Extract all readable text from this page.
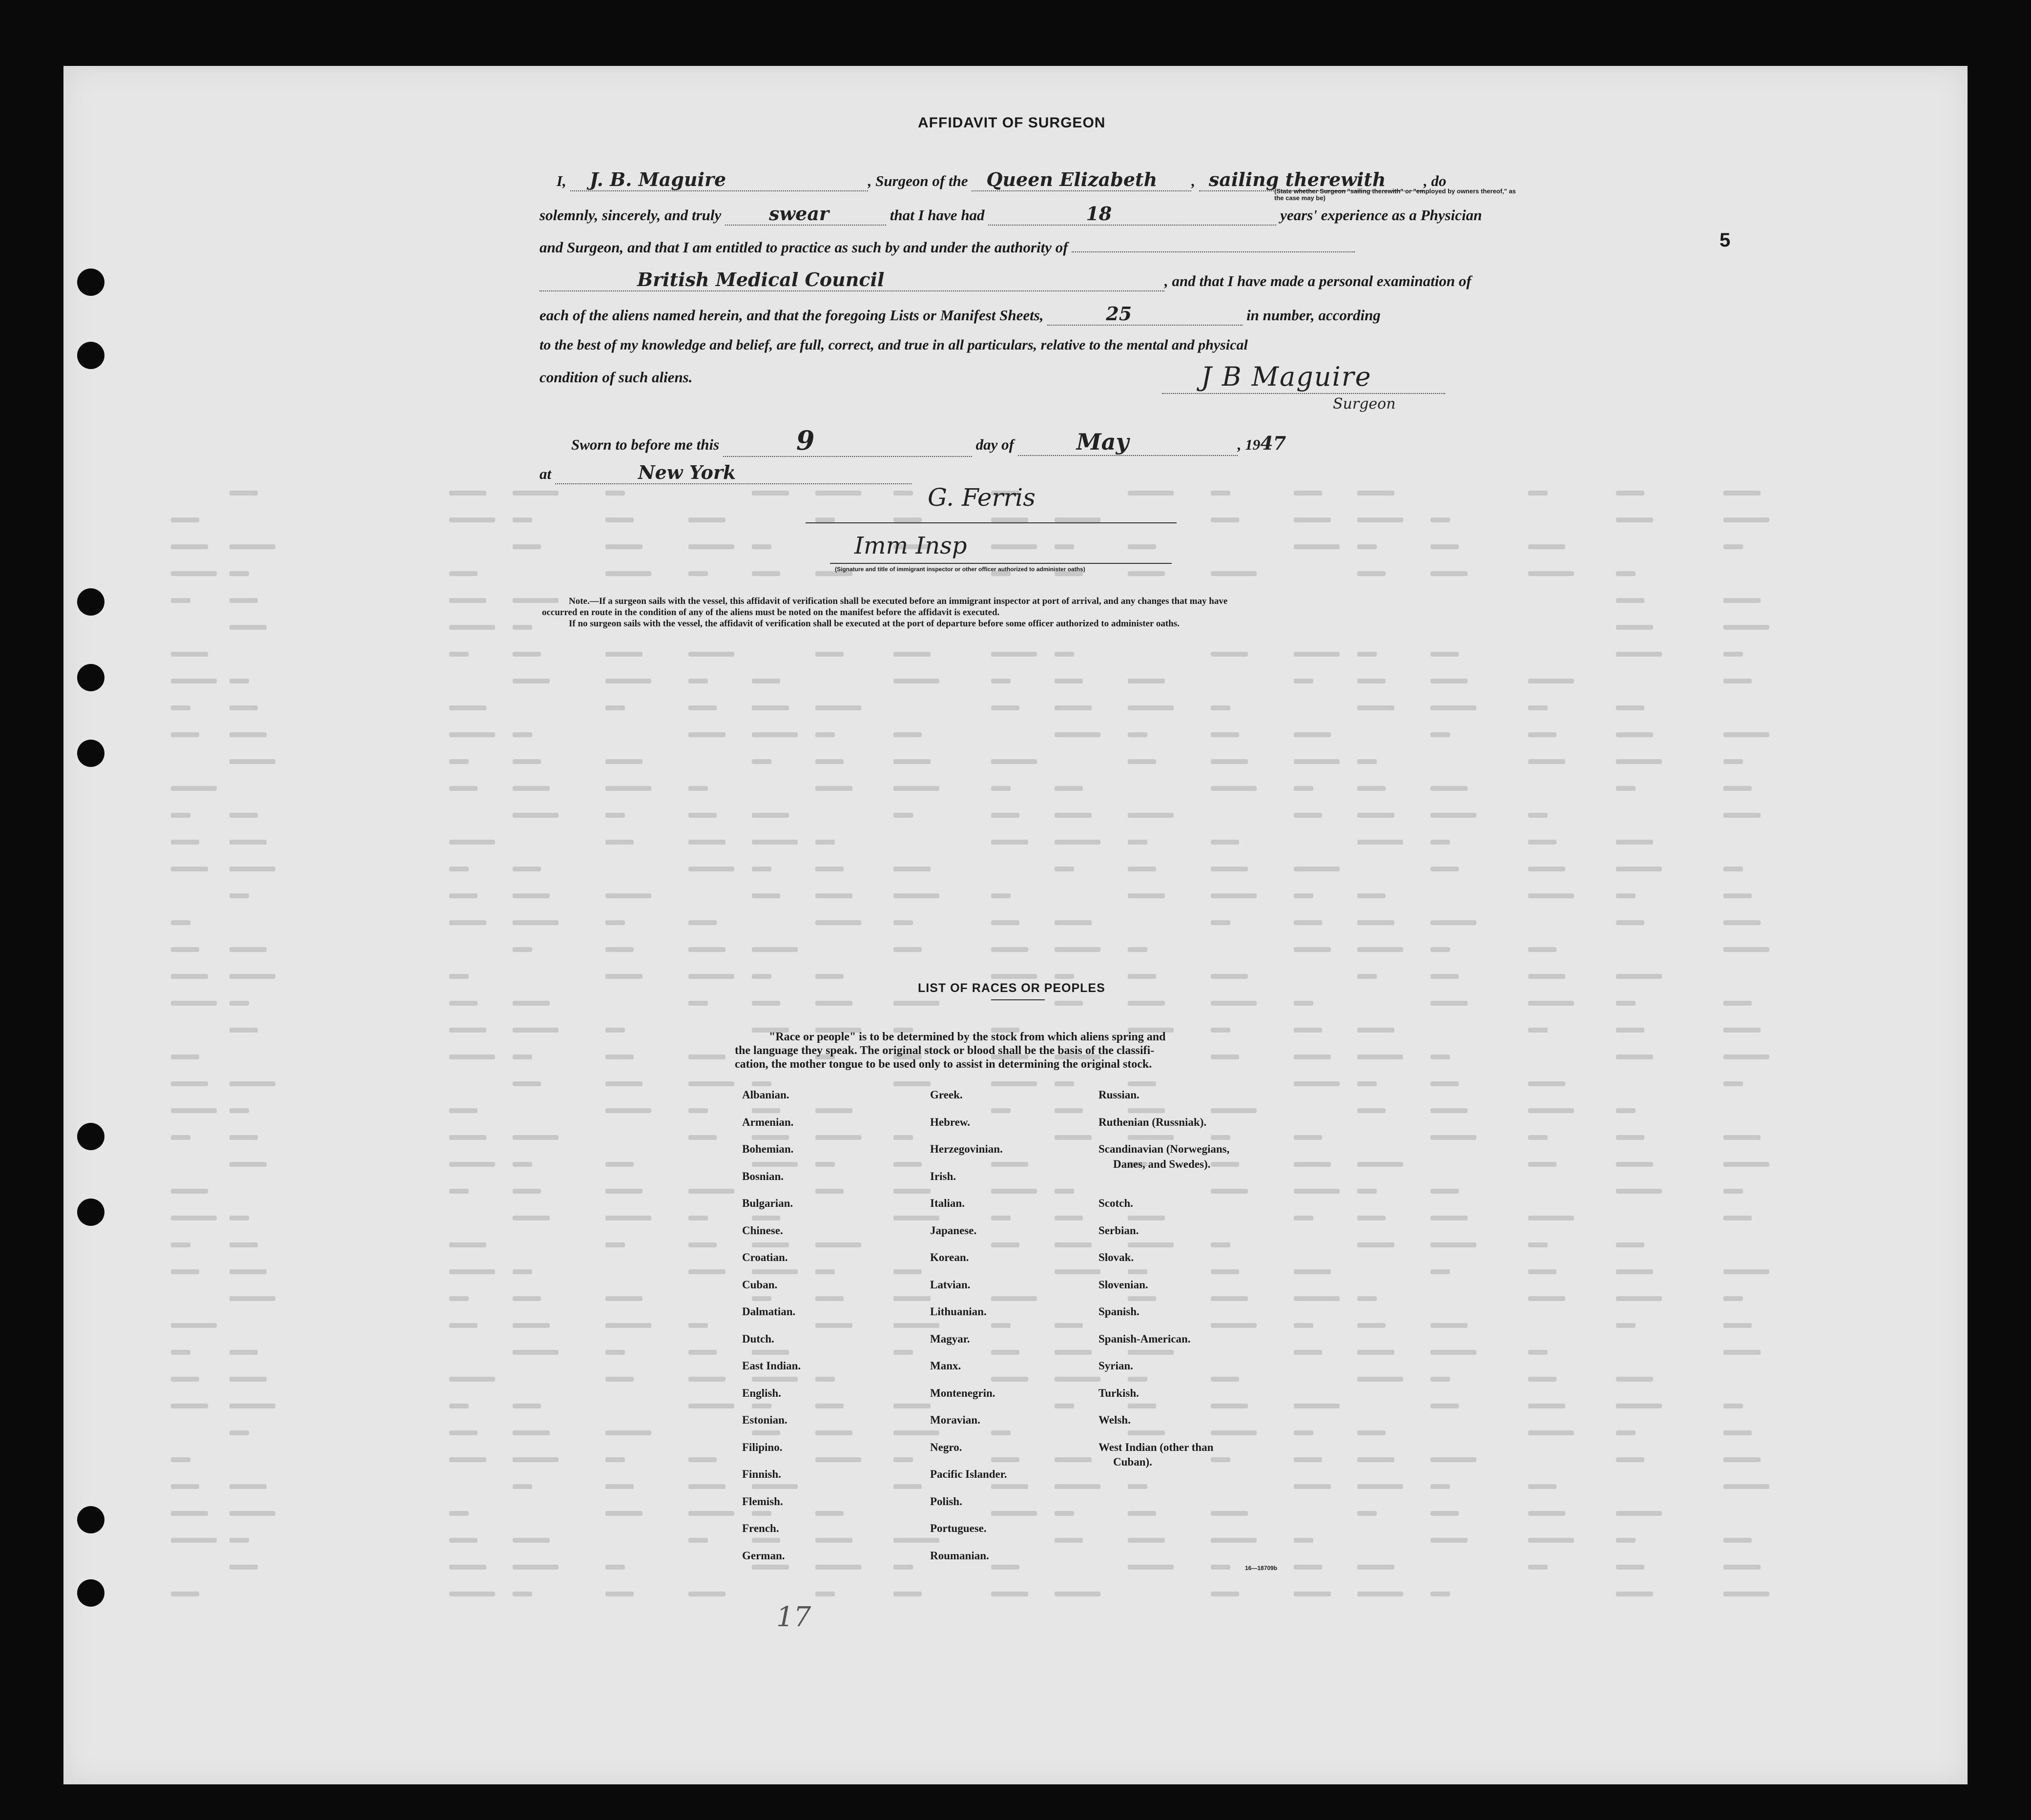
5
AFFIDAVIT OF SURGEON
I, J. B. Maguire	, Surgeon of the Queen Elizabeth , sailing therewith , do
(State whether Surgeon "sailing therewith" or "employed by owners thereof," as the case may be)
solemnly, sincerely, and truly	swear	that I have had	18	years' experience as a Physician
and Surgeon, and that I am entitled to practice as such by and under the authority of
British Medical Council	, and that I have made a personal examination of
each of the aliens named herein, and that the foregoing Lists or Manifest Sheets,	25	in number, according
to the best of my knowledge and belief, are full, correct, and true in all particulars, relative to the mental and physical
condition of such aliens.	J B Maguire
Surgeon
Sworn to before me this	9	day of	May	, 1947
at	New York
G. Ferris
Imm Insp
(Signature and title of immigrant inspector or other officer authorized to administer oaths)
Note.—If a surgeon sails with the vessel, this affidavit of verification shall be executed before an immigrant inspector at port of arrival, and any changes that may have
occurred en route in the condition of any of the aliens must be noted on the manifest before the affidavit is executed.
If no surgeon sails with the vessel, the affidavit of verification shall be executed at the port of departure before some officer authorized to administer oaths.
LIST OF RACES OR PEOPLES
"Race or people" is to be determined by the stock from which aliens spring and
the language they speak. The original stock or blood shall be the basis of the classifi-
cation, the mother tongue to be used only to assist in determining the original stock.
Albanian.
Armenian.
Bohemian.
Bosnian.
Bulgarian.
Chinese.
Croatian.
Cuban.
Dalmatian.
Dutch.
East Indian.
English.
Estonian.
Filipino.
Finnish.
Flemish.
French.
German.
Greek.
Hebrew.
Herzegovinian.
Irish.
Italian.
Japanese.
Korean.
Latvian.
Lithuanian.
Magyar.
Manx.
Montenegrin.
Moravian.
Negro.
Pacific Islander.
Polish.
Portuguese.
Roumanian.
Russian.
Ruthenian (Russniak).
Scandinavian (Norwegians,
Danes, and Swedes).
Scotch.
Serbian.
Slovak.
Slovenian.
Spanish.
Spanish-American.
Syrian.
Turkish.
Welsh.
West Indian (other than
Cuban).
16—18709b
17
